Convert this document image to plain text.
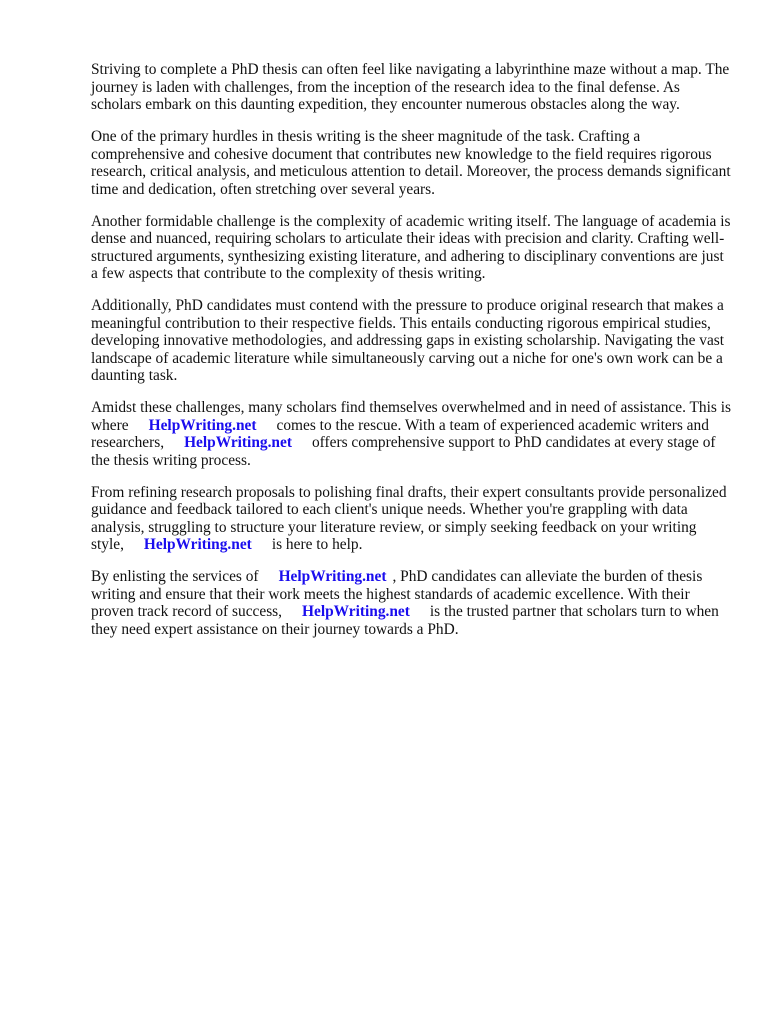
Striving to complete a PhD thesis can often feel like navigating a labyrinthine maze without a map. The journey is laden with challenges, from the inception of the research idea to the final defense. As scholars embark on this daunting expedition, they encounter numerous obstacles along the way.

One of the primary hurdles in thesis writing is the sheer magnitude of the task. Crafting a comprehensive and cohesive document that contributes new knowledge to the field requires rigorous research, critical analysis, and meticulous attention to detail. Moreover, the process demands significant time and dedication, often stretching over several years.

Another formidable challenge is the complexity of academic writing itself. The language of academia is dense and nuanced, requiring scholars to articulate their ideas with precision and clarity. Crafting well-structured arguments, synthesizing existing literature, and adhering to disciplinary conventions are just a few aspects that contribute to the complexity of thesis writing.

Additionally, PhD candidates must contend with the pressure to produce original research that makes a meaningful contribution to their respective fields. This entails conducting rigorous empirical studies, developing innovative methodologies, and addressing gaps in existing scholarship. Navigating the vast landscape of academic literature while simultaneously carving out a niche for one's own work can be a daunting task.

Amidst these challenges, many scholars find themselves overwhelmed and in need of assistance. This is where HelpWriting.net comes to the rescue. With a team of experienced academic writers and researchers, HelpWriting.net offers comprehensive support to PhD candidates at every stage of the thesis writing process.

From refining research proposals to polishing final drafts, their expert consultants provide personalized guidance and feedback tailored to each client's unique needs. Whether you're grappling with data analysis, struggling to structure your literature review, or simply seeking feedback on your writing style, HelpWriting.net is here to help.

By enlisting the services of HelpWriting.net , PhD candidates can alleviate the burden of thesis writing and ensure that their work meets the highest standards of academic excellence. With their proven track record of success, HelpWriting.net is the trusted partner that scholars turn to when they need expert assistance on their journey towards a PhD.
